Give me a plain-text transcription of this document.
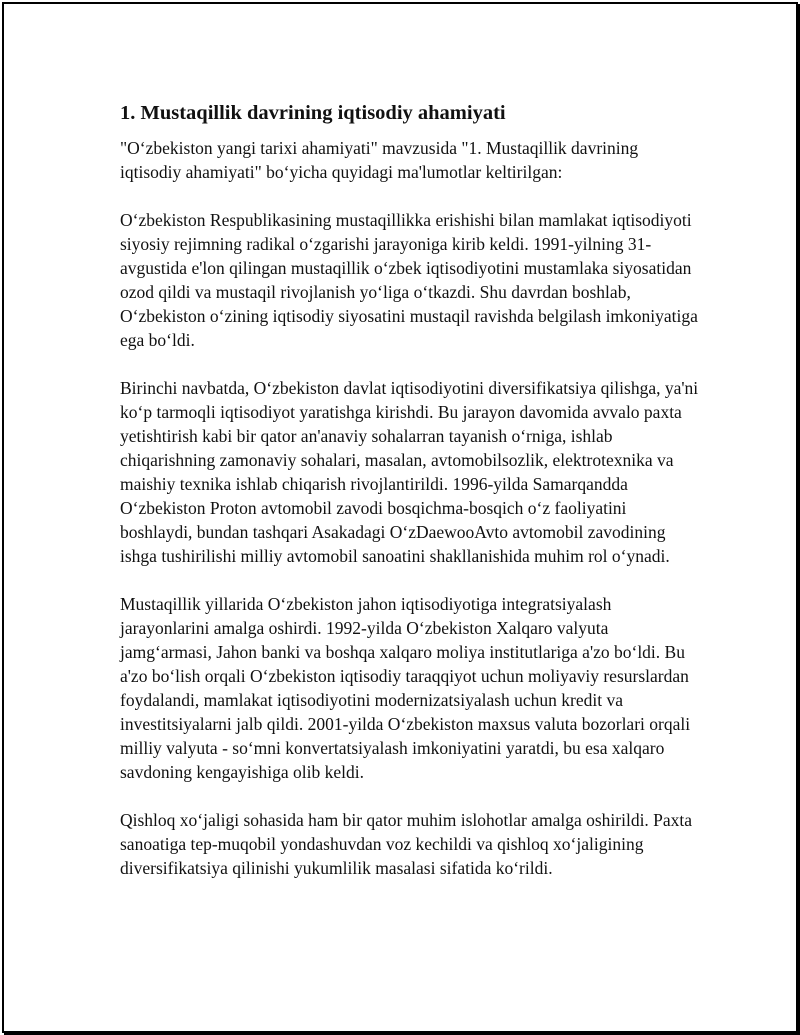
1. Mustaqillik davrining iqtisodiy ahamiyati

"O‘zbekiston yangi tarixi ahamiyati" mavzusida "1. Mustaqillik davrining iqtisodiy ahamiyati" bo‘yicha quyidagi ma'lumotlar keltirilgan:

O‘zbekiston Respublikasining mustaqillikka erishishi bilan mamlakat iqtisodiyoti siyosiy rejimning radikal o‘zgarishi jarayoniga kirib keldi. 1991-yilning 31-avgustida e'lon qilingan mustaqillik o‘zbek iqtisodiyotini mustamlaka siyosatidan ozod qildi va mustaqil rivojlanish yo‘liga o‘tkazdi. Shu davrdan boshlab, O‘zbekiston o‘zining iqtisodiy siyosatini mustaqil ravishda belgilash imkoniyatiga ega bo‘ldi.

Birinchi navbatda, O‘zbekiston davlat iqtisodiyotini diversifikatsiya qilishga, ya'ni ko‘p tarmoqli iqtisodiyot yaratishga kirishdi. Bu jarayon davomida avvalo paxta yetishtirish kabi bir qator an'anaviy sohalarran tayanish o‘rniga, ishlab chiqarishning zamonaviy sohalari, masalan, avtomobilsozlik, elektrotexnika va maishiy texnika ishlab chiqarish rivojlantirildi. 1996-yilda Samarqandda O‘zbekiston Proton avtomobil zavodi bosqichma-bosqich o‘z faoliyatini boshlaydi, bundan tashqari Asakadagi O‘zDaewooAvto avtomobil zavodining ishga tushirilishi milliy avtomobil sanoatini shakllanishida muhim rol o‘ynadi.

Mustaqillik yillarida O‘zbekiston jahon iqtisodiyotiga integratsiyalash jarayonlarini amalga oshirdi. 1992-yilda O‘zbekiston Xalqaro valyuta jamg‘armasi, Jahon banki va boshqa xalqaro moliya institutlariga a'zo bo‘ldi. Bu a'zo bo‘lish orqali O‘zbekiston iqtisodiy taraqqiyot uchun moliyaviy resurslardan foydalandi, mamlakat iqtisodiyotini modernizatsiyalash uchun kredit va investitsiyalarni jalb qildi. 2001-yilda O‘zbekiston maxsus valuta bozorlari orqali milliy valyuta - so‘mni konvertatsiyalash imkoniyatini yaratdi, bu esa xalqaro savdoning kengayishiga olib keldi.

Qishloq xo‘jaligi sohasida ham bir qator muhim islohotlar amalga oshirildi. Paxta sanoatiga tep-muqobil yondashuvdan voz kechildi va qishloq xo‘jaligining diversifikatsiya qilinishi yukumlilik masalasi sifatida ko‘rildi.
